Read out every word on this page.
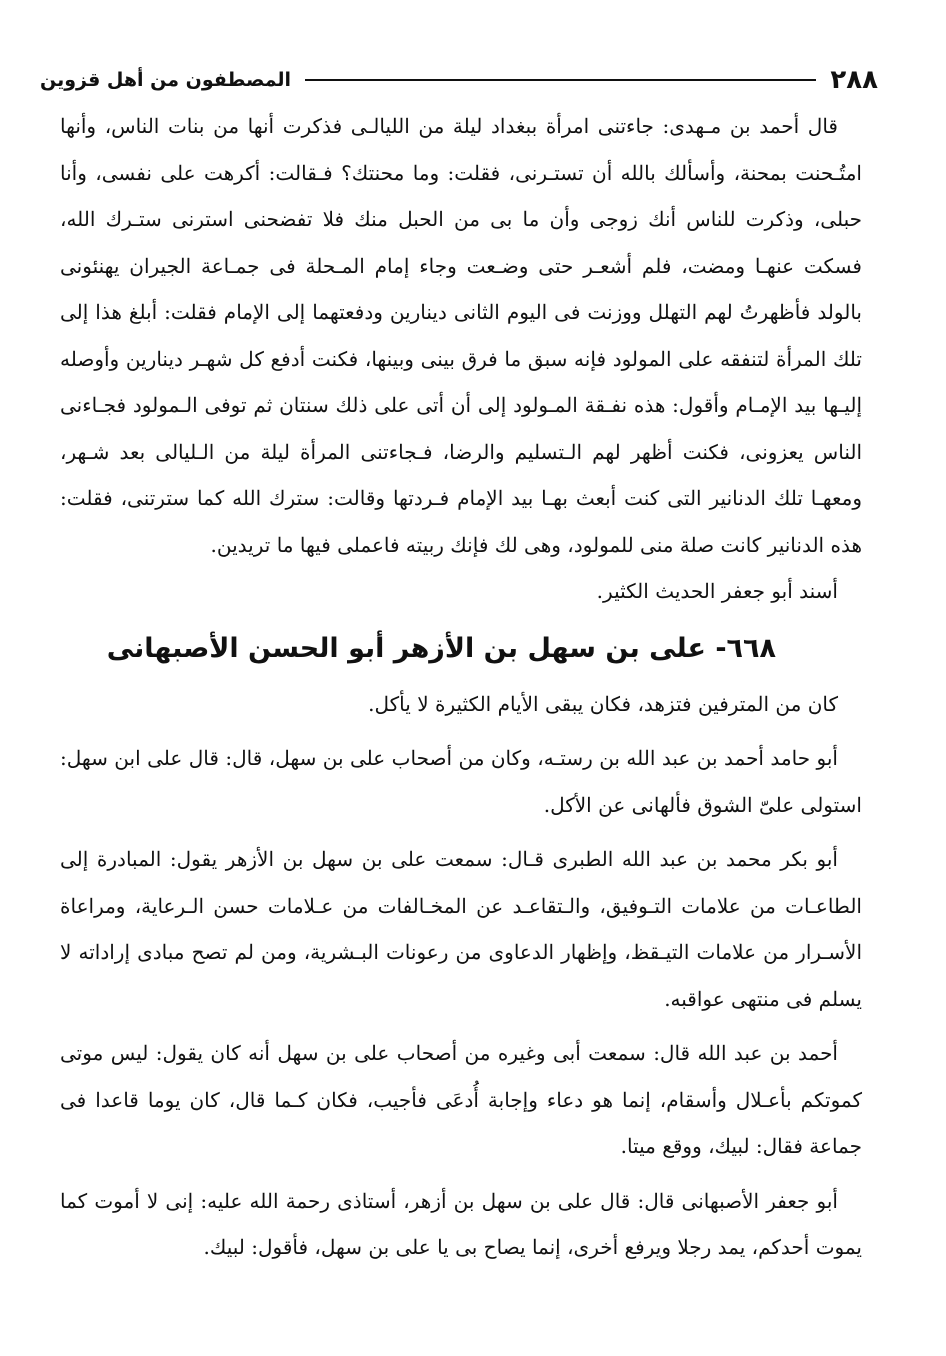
٢٨٨
المصطفون من أهل قزوين

قال أحمد بن مـهدى: جاءتنى امرأة ببغداد ليلة من الليالـى فذكرت أنها من بنات الناس، وأنها امتُـحنت بمحنة، وأسألك بالله أن تستـرنى، فقلت: وما محنتك؟ فـقالت: أكرهت على نفسى، وأنا حبلى، وذكرت للناس أنك زوجى وأن ما بى من الحبل منك فلا تفضحنى استرنى ستـرك الله، فسكت عنهـا ومضت، فلم أشعـر حتى وضـعت وجاء إمام المـحلة فى جمـاعة الجيران يهنئونى بالولد فأظهرتُ لهم التهلل ووزنت فى اليوم الثانى دينارين ودفعتهما إلى الإمام فقلت: أبلغ هذا إلى تلك المرأة لتنفقه على المولود فإنه سبق ما فرق بينى وبينها، فكنت أدفع كل شهـر دينارين وأوصله إليـها بيد الإمـام وأقول: هذه نفـقة المـولود إلى أن أتى على ذلك سنتان ثم توفى الـمولود فجـاءنى الناس يعزونى، فكنت أظهر لهم الـتسليم والرضا، فـجاءتنى المرأة ليلة من الـليالى بعد شـهر، ومعهـا تلك الدنانير التى كنت أبعث بهـا بيد الإمام فـردتها وقالت: سترك الله كما سترتنى، فقلت: هذه الدنانير كانت صلة منى للمولود، وهى لك فإنك ربيته فاعملى فيها ما تريدين.

أسند أبو جعفر الحديث الكثير.

٦٦٨- على بن سهل بن الأزهر أبو الحسن الأصبهانى

كان من المترفين فتزهد، فكان يبقى الأيام الكثيرة لا يأكل.

أبو حامد أحمد بن عبد الله بن رستـه، وكان من أصحاب على بن سهل، قال: قال على ابن سهل: استولى علىّ الشوق فألهانى عن الأكل.

أبو بكر محمد بن عبد الله الطبرى قـال: سمعت على بن سهل بن الأزهر يقول: المبادرة إلى الطاعـات من علامات التـوفيق، والـتقاعـد عن المخـالفات من عـلامات حسن الـرعاية، ومراعاة الأسـرار من علامات التيـقظ، وإظهار الدعاوى من رعونات البـشرية، ومن لم تصح مبادى إراداته لا يسلم فى منتهى عواقبه.

أحمد بن عبد الله قال: سمعت أبى وغيره من أصحاب على بن سهل أنه كان يقول: ليس موتى كموتكم بأعـلال وأسقام، إنما هو دعاء وإجابة أُدعَى فأجيب، فكان كـما قال، كان يوما قاعدا فى جماعة فقال: لبيك، ووقع ميتا.

أبو جعفر الأصبهانى قال: قال على بن سهل بن أزهر، أستاذى رحمة الله عليه: إنى لا أموت كما يموت أحدكم، يمد رجلا ويرفع أخرى، إنما يصاح بى يا على بن سهل، فأقول: لبيك.
